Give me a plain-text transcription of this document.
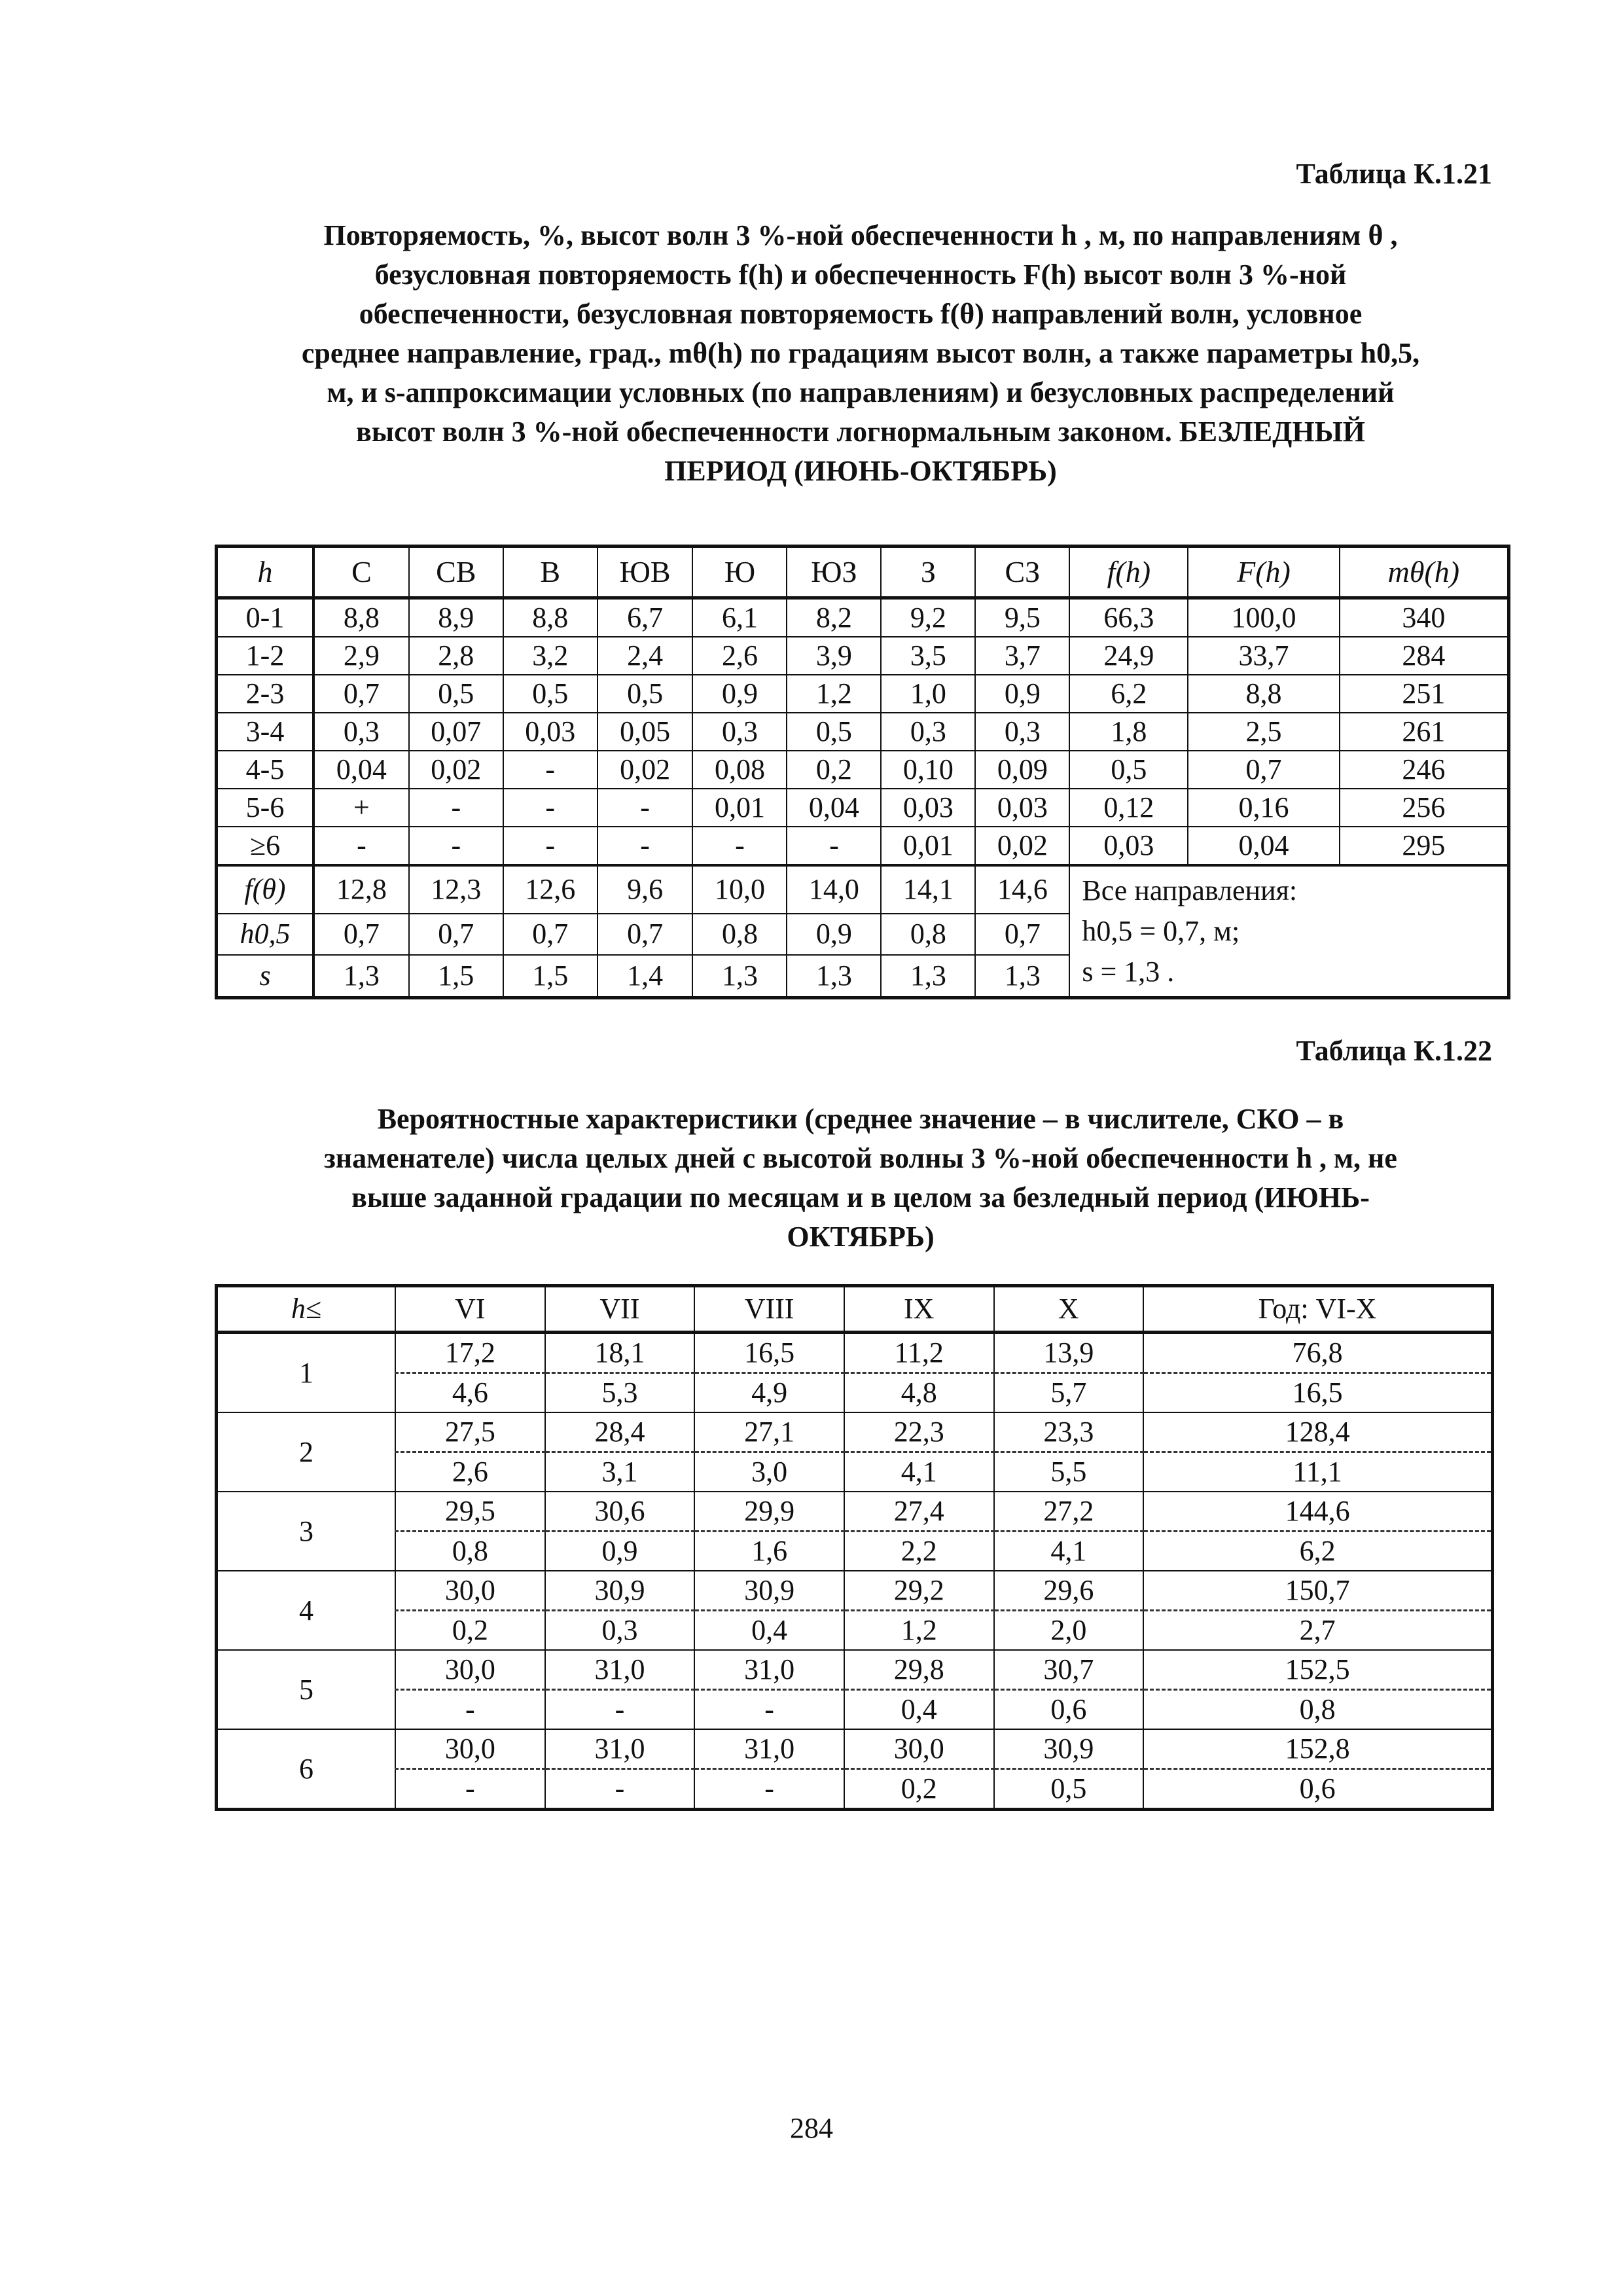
Таблица К.1.21
Повторяемость, %, высот волн 3 %-ной обеспеченности h , м, по направлениям θ ,
безусловная повторяемость f(h) и обеспеченность F(h) высот волн 3 %-ной
обеспеченности, безусловная повторяемость f(θ) направлений волн, условное
среднее направление, град., mθ(h) по градациям высот волн, а также параметры h0,5,
м, и s-аппроксимации условных (по направлениям) и безусловных распределений
высот волн 3 %-ной обеспеченности логнормальным законом. БЕЗЛЕДНЫЙ
ПЕРИОД (ИЮНЬ-ОКТЯБРЬ)
h	С	СВ	В	ЮВ	Ю	ЮЗ	З	СЗ	f(h)	F(h)	mθ(h)
0-1	8,8	8,9	8,8	6,7	6,1	8,2	9,2	9,5	66,3	100,0	340
1-2	2,9	2,8	3,2	2,4	2,6	3,9	3,5	3,7	24,9	33,7	284
2-3	0,7	0,5	0,5	0,5	0,9	1,2	1,0	0,9	6,2	8,8	251
3-4	0,3	0,07	0,03	0,05	0,3	0,5	0,3	0,3	1,8	2,5	261
4-5	0,04	0,02	-	0,02	0,08	0,2	0,10	0,09	0,5	0,7	246
5-6	+	-	-	-	0,01	0,04	0,03	0,03	0,12	0,16	256
≥6	-	-	-	-	-	-	0,01	0,02	0,03	0,04	295
f(θ)	12,8	12,3	12,6	9,6	10,0	14,0	14,1	14,6	Все направления:
h0,5 = 0,7, м;
s = 1,3 .		

h0,5	0,7	0,7	0,7	0,7	0,8	0,9	0,8	0,7			
s	1,3	1,5	1,5	1,4	1,3	1,3	1,3	1,3			
Таблица К.1.22
Вероятностные характеристики (среднее значение – в числителе, СКО – в
знаменателе) числа целых дней с высотой волны 3 %-ной обеспеченности h , м, не
выше заданной градации по месяцам и в целом за безледный период (ИЮНЬ-
ОКТЯБРЬ)
h≤	VI	VII	VIII	IX	X	Год: VI-X
1	17,2	18,1	16,5	11,2	13,9	76,8
	4,6	5,3	4,9	4,8	5,7	16,5
2	27,5	28,4	27,1	22,3	23,3	128,4
	2,6	3,1	3,0	4,1	5,5	11,1
3	29,5	30,6	29,9	27,4	27,2	144,6
	0,8	0,9	1,6	2,2	4,1	6,2
4	30,0	30,9	30,9	29,2	29,6	150,7
	0,2	0,3	0,4	1,2	2,0	2,7
5	30,0	31,0	31,0	29,8	30,7	152,5
	-	-	-	0,4	0,6	0,8
6	30,0	31,0	31,0	30,0	30,9	152,8
	-	-	-	0,2	0,5	0,6
284
